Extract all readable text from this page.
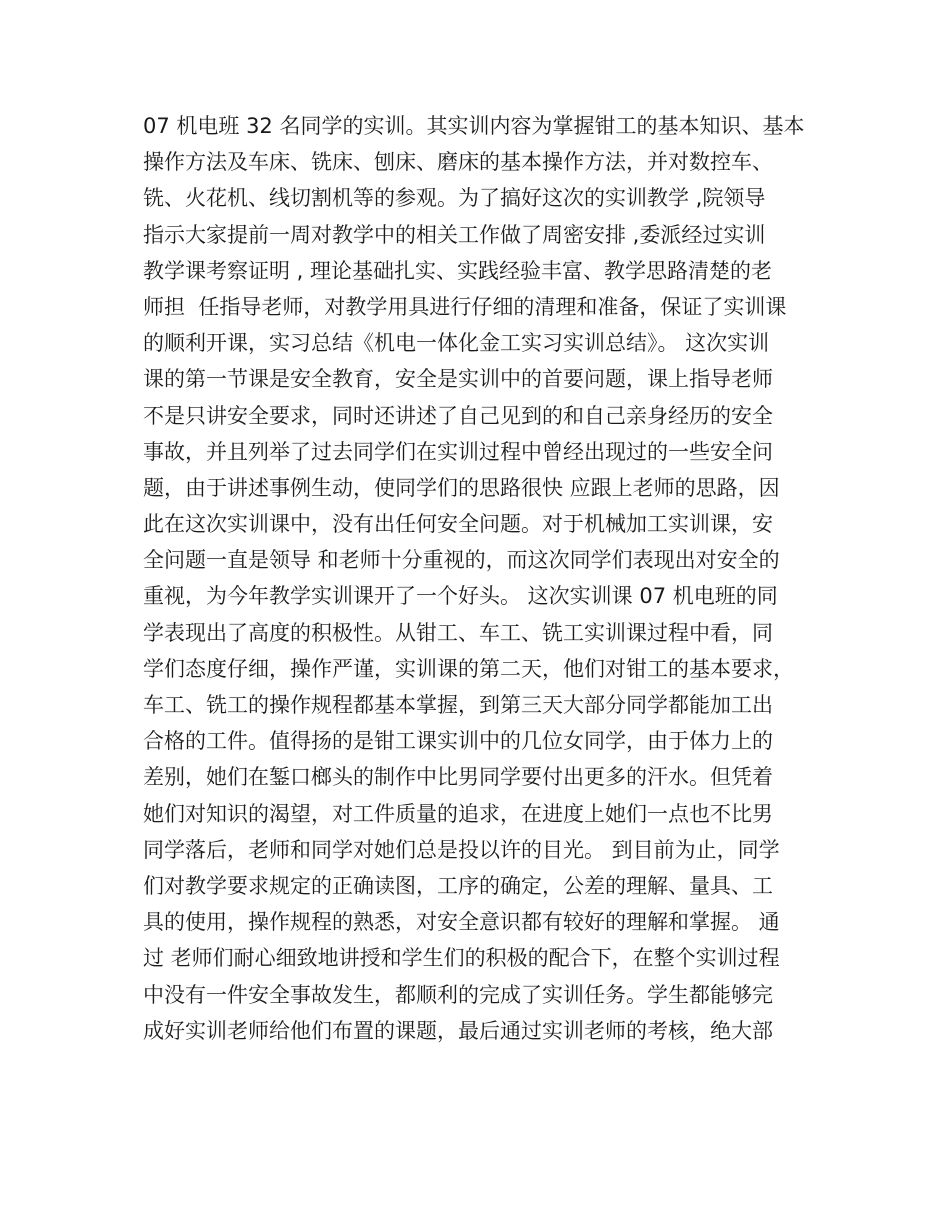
07 机电班 32 名同学的实训。其实训内容为掌握钳工的基本知识、基本
操作方法及车床、铣床、刨床、磨床的基本操作方法，并对数控车、
铣、火花机、线切割机等的参观。为了搞好这次的实训教学 ,院领导
指示大家提前一周对教学中的相关工作做了周密安排 ,委派经过实训
教学课考察证明 , 理论基础扎实、实践经验丰富、教学思路清楚的老
师担  任指导老师，对教学用具进行仔细的清理和准备，保证了实训课
的顺利开课，实习总结《机电一体化金工实习实训总结》。 这次实训
课的第一节课是安全教育，安全是实训中的首要问题，课上指导老师
不是只讲安全要求，同时还讲述了自己见到的和自己亲身经历的安全
事故，并且列举了过去同学们在实训过程中曾经出现过的一些安全问
题，由于讲述事例生动，使同学们的思路很快 应跟上老师的思路，因
此在这次实训课中，没有出任何安全问题。对于机械加工实训课，安
全问题一直是领导 和老师十分重视的，而这次同学们表现出对安全的
重视，为今年教学实训课开了一个好头。 这次实训课 07 机电班的同
学表现出了高度的积极性。从钳工、车工、铣工实训课过程中看，同
学们态度仔细，操作严谨，实训课的第二天，他们对钳工的基本要求，
车工、铣工的操作规程都基本掌握，到第三天大部分同学都能加工出
合格的工件。值得扬的是钳工课实训中的几位女同学，由于体力上的
差别，她们在錾口榔头的制作中比男同学要付出更多的汗水。但凭着
她们对知识的渴望，对工件质量的追求，在进度上她们一点也不比男
同学落后，老师和同学对她们总是投以许的目光。 到目前为止，同学
们对教学要求规定的正确读图，工序的确定，公差的理解、量具、工
具的使用，操作规程的熟悉，对安全意识都有较好的理解和掌握。 通
过 老师们耐心细致地讲授和学生们的积极的配合下，在整个实训过程
中没有一件安全事故发生，都顺利的完成了实训任务。学生都能够完
成好实训老师给他们布置的课题，最后通过实训老师的考核，绝大部
